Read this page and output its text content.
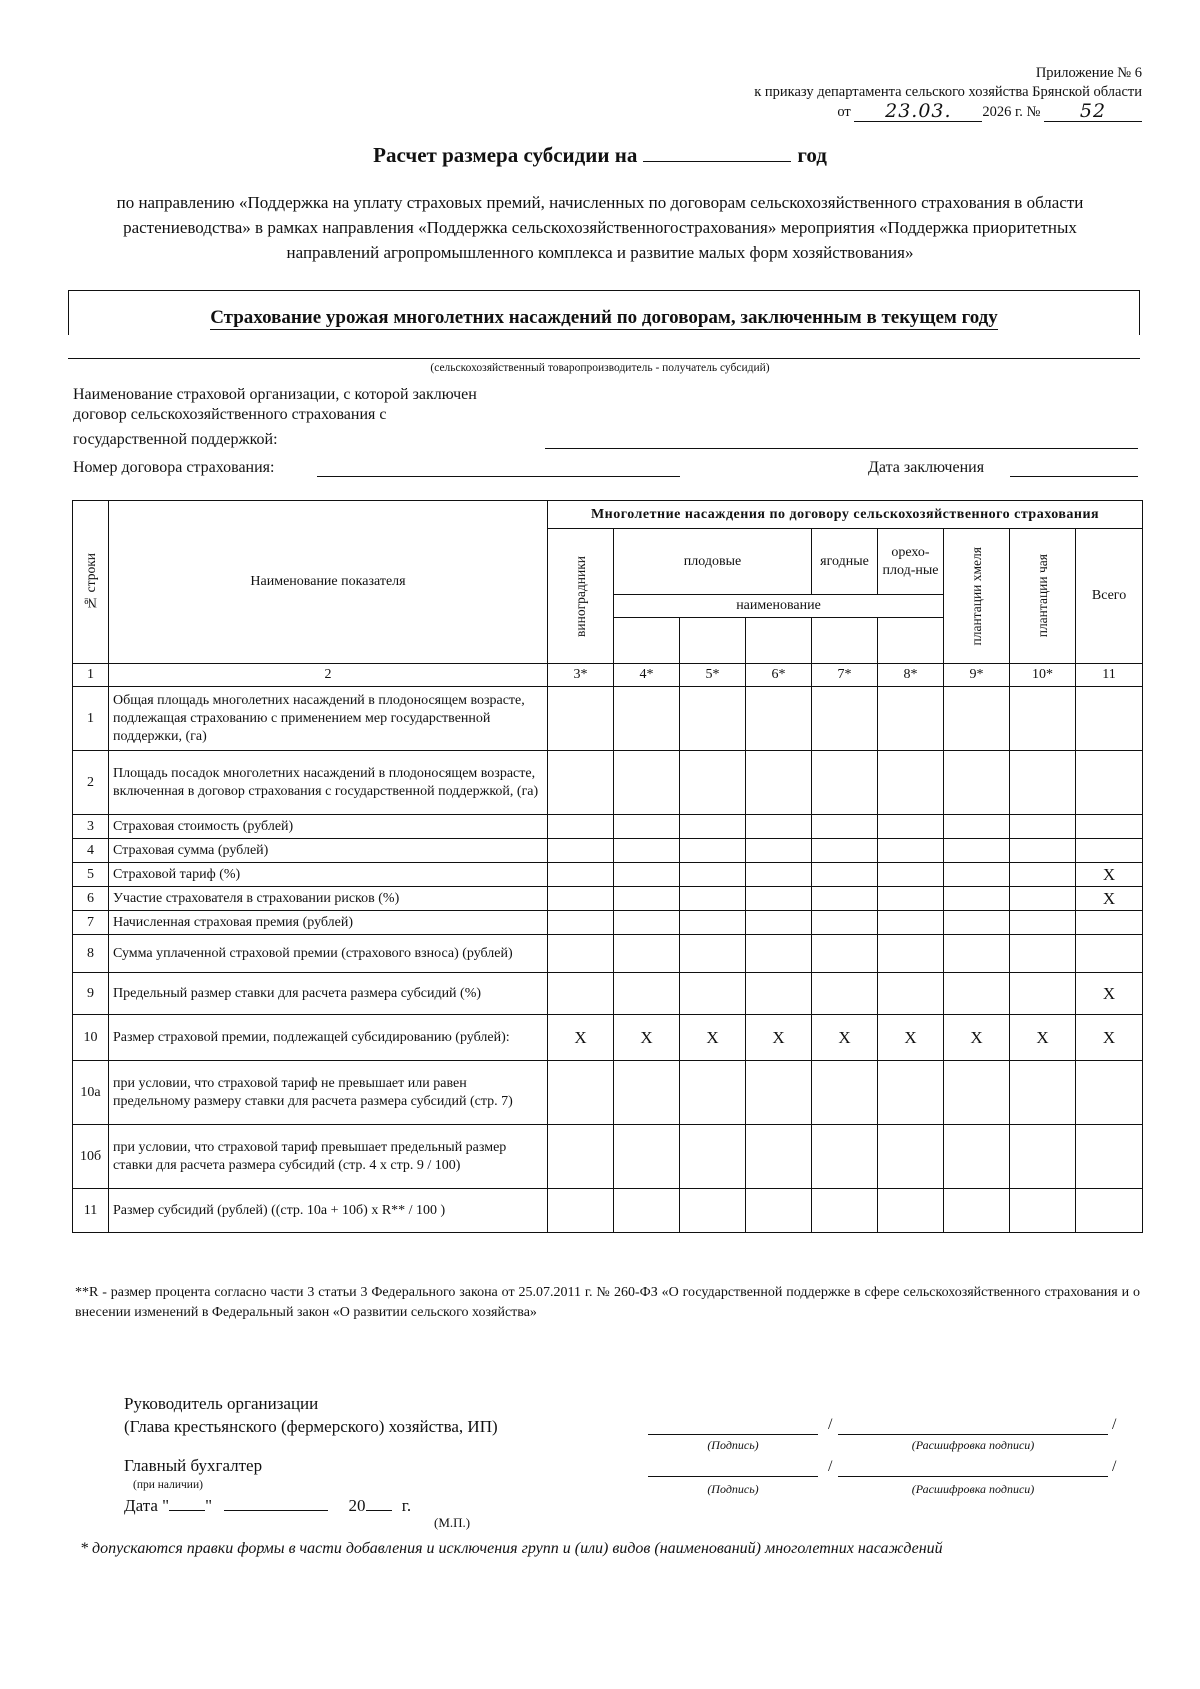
Приложение № 6
к приказу департамента сельского хозяйства Брянской области
от 23.03. 2026 г. № 52
Расчет размера субсидии на	год
по направлению «Поддержка на уплату страховых премий, начисленных по договорам сельскохозяйственного страхования в области растениеводства» в рамках направления «Поддержка сельскохозяйственногострахования» мероприятия «Поддержка приоритетных направлений агропромышленного комплекса и развитие малых форм хозяйствования»
Страхование урожая многолетних насаждений по договорам, заключенным в текущем году
(сельскохозяйственный товаропроизводитель - получатель субсидий)
Наименование страховой организации, с которой заключен
договор сельскохозяйственного страхования с
государственной поддержкой:
Номер договора страхования:	Дата заключения
№ строки	Наименование показателя	Многолетние насаждения по договору сельскохозяйственного страхования								

		виноградники	плодовые			ягодные	орехо-плод-ные	плантации хмеля	плантации чая	Всего
			наименование							

1	2	3*	4*	5*	6*	7*	8*	9*	10*	11
1	Общая площадь многолетних насаждений в плодоносящем возрасте, подлежащая страхованию с применением мер государственной поддержки, (га)									
2	Площадь посадок многолетних насаждений в плодоносящем возрасте, включенная в договор страхования с государственной поддержкой, (га)									
3	Страховая стоимость (рублей)									
4	Страховая сумма (рублей)									
5	Страховой тариф (%)									X
6	Участие страхователя в страховании рисков (%)									X
7	Начисленная страховая премия (рублей)									
8	Сумма уплаченной страховой премии (страхового взноса) (рублей)									
9	Предельный размер ставки для расчета размера субсидий (%)									X
10	Размер страховой премии, подлежащей субсидированию (рублей):	X	X	X	X	X	X	X	X	X
10а	при условии, что страховой тариф не превышает или равен предельному размеру ставки для расчета размера субсидий (стр. 7)									
10б	при условии, что страховой тариф превышает предельный размер ставки для расчета размера субсидий (стр. 4 х стр. 9 / 100)									
11	Размер субсидий (рублей) ((стр. 10а + 10б) х R** / 100 )									
**R - размер процента согласно части 3 статьи 3 Федерального закона от 25.07.2011 г. № 260-ФЗ «О государственной поддержке в сфере сельскохозяйственного страхования и о внесении изменений в Федеральный закон «О развитии сельского хозяйства»
Руководитель организации
(Глава крестьянского (фермерского) хозяйства, ИП)	/	/
(Подпись)	(Расшифровка подписи)
Главный бухгалтер	/	/
(Подпись)	(Расшифровка подписи)
(при наличии)
Дата " "	20 г.
(М.П.)
* допускаются правки формы в части добавления и исключения групп и (или) видов (наименований) многолетних насаждений
